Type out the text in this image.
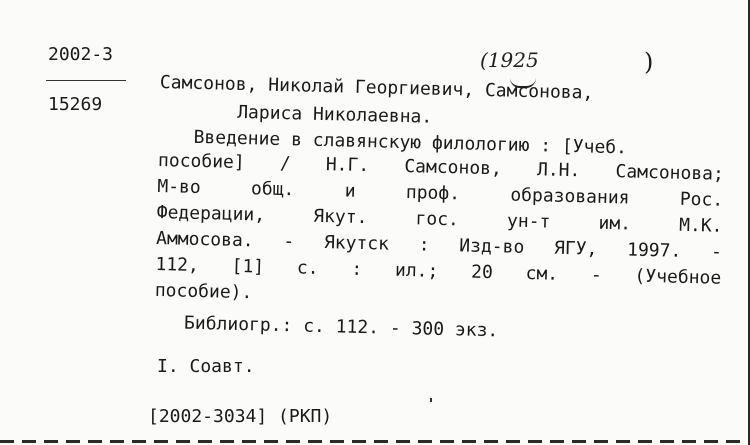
2002-3
15269
(1925	)
Самсонов, Николай Георгиевич, Самсонова,
Лариса Николаевна.
Введение в славянскую филологию : [Учеб.
пособие] / Н.Г. Самсонов, Л.Н. Самсонова;
М-во	общ.	и	проф.	образования	Рос.
Федерации,	Якут.	гос.	ун-т	им.	М.К.
Аммосова. - Якутск : Изд-во ЯГУ, 1997. -
112, [1] с. : ил.; 20 см. - (Учебное
пособие).
Библиогр.: с. 112. - 300 экз.
I. Соавт.
[2002-3034] (РКП)
